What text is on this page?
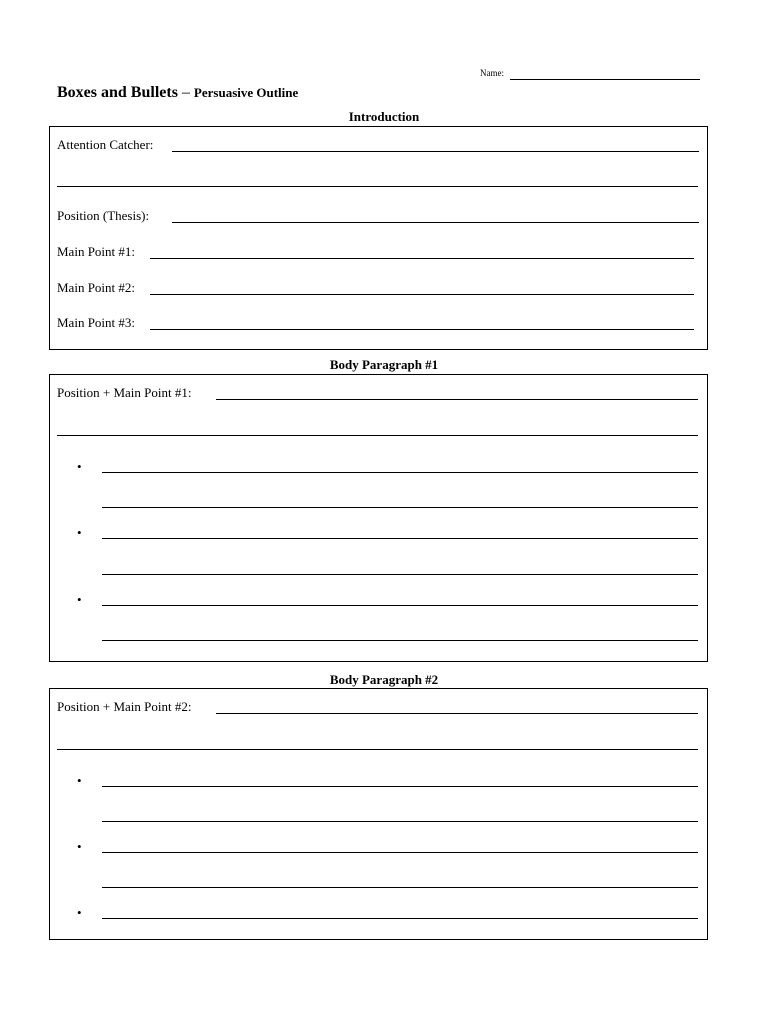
Name:
Boxes and Bullets – Persuasive Outline
Introduction
Attention Catcher:
Position (Thesis):
Main Point #1:
Main Point #2:
Main Point #3:
Body Paragraph #1
Position + Main Point #1:
•
•
•
Body Paragraph #2
Position + Main Point #2:
•
•
•
